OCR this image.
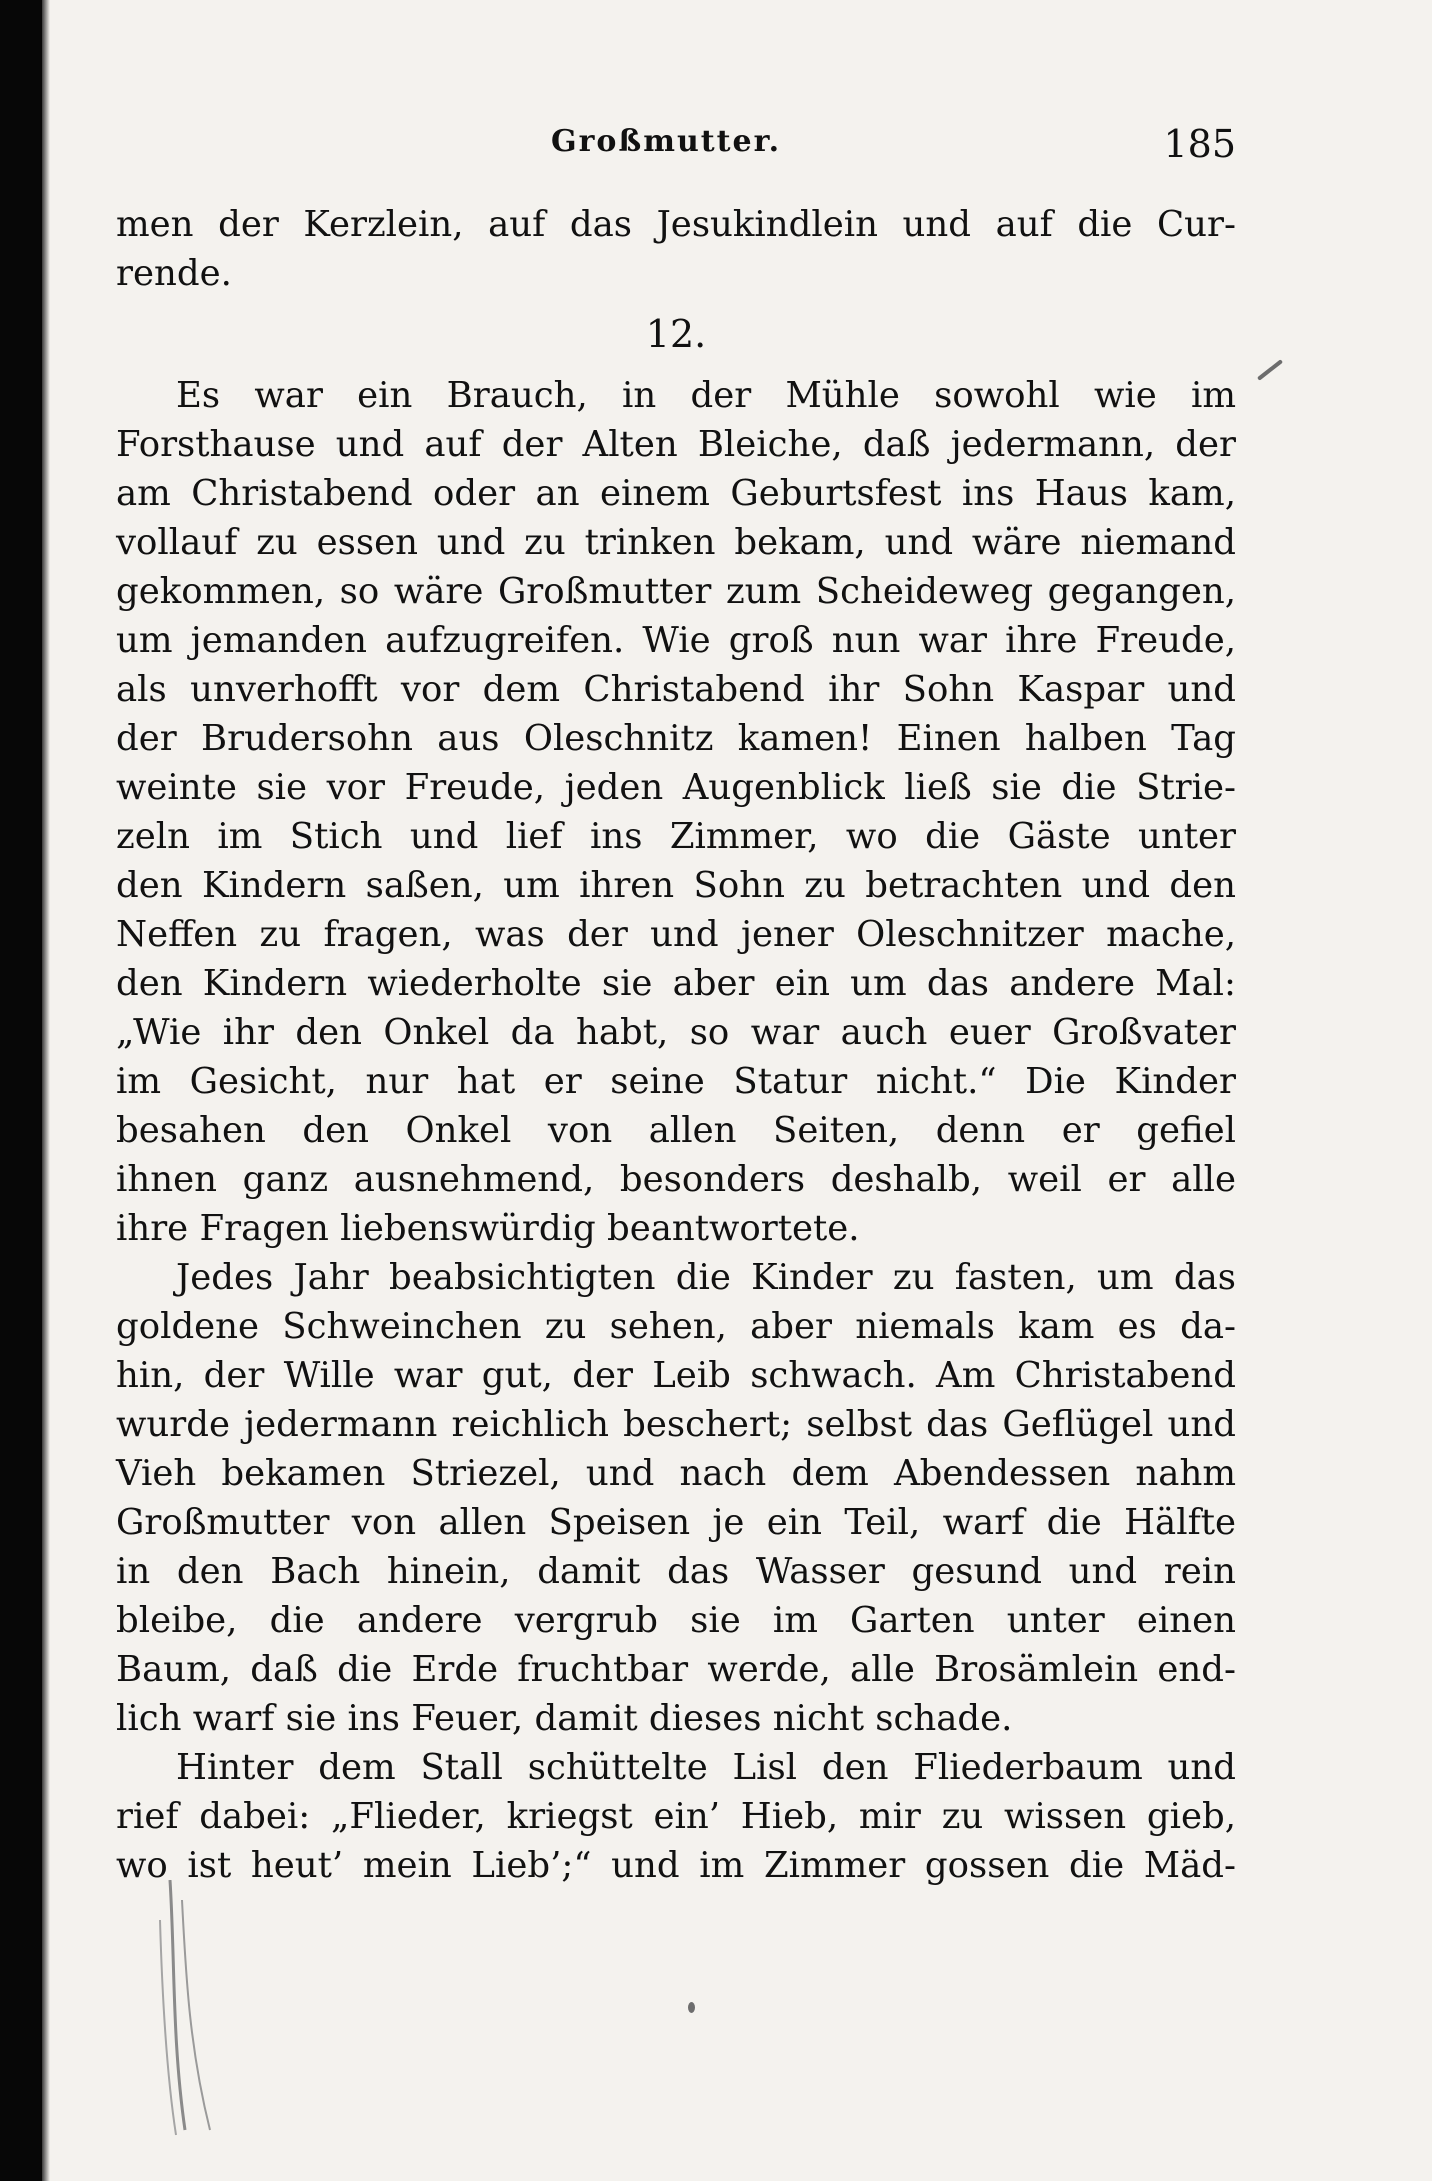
Großmutter.	185
men der Kerzlein, auf das Jesukindlein und auf die Cur-
rende.
12.
Es war ein Brauch, in der Mühle sowohl wie im
Forsthause und auf der Alten Bleiche, daß jedermann, der
am Christabend oder an einem Geburtsfest ins Haus kam,
vollauf zu essen und zu trinken bekam, und wäre niemand
gekommen, so wäre Großmutter zum Scheideweg gegangen,
um jemanden aufzugreifen. Wie groß nun war ihre Freude,
als unverhofft vor dem Christabend ihr Sohn Kaspar und
der Brudersohn aus Oleschnitz kamen! Einen halben Tag
weinte sie vor Freude, jeden Augenblick ließ sie die Strie-
zeln im Stich und lief ins Zimmer, wo die Gäste unter
den Kindern saßen, um ihren Sohn zu betrachten und den
Neffen zu fragen, was der und jener Oleschnitzer mache,
den Kindern wiederholte sie aber ein um das andere Mal:
„Wie ihr den Onkel da habt, so war auch euer Großvater
im Gesicht, nur hat er seine Statur nicht.“ Die Kinder
besahen den Onkel von allen Seiten, denn er gefiel
ihnen ganz ausnehmend, besonders deshalb, weil er alle
ihre Fragen liebenswürdig beantwortete.
Jedes Jahr beabsichtigten die Kinder zu fasten, um das
goldene Schweinchen zu sehen, aber niemals kam es da-
hin, der Wille war gut, der Leib schwach. Am Christabend
wurde jedermann reichlich beschert; selbst das Geflügel und
Vieh bekamen Striezel, und nach dem Abendessen nahm
Großmutter von allen Speisen je ein Teil, warf die Hälfte
in den Bach hinein, damit das Wasser gesund und rein
bleibe, die andere vergrub sie im Garten unter einen
Baum, daß die Erde fruchtbar werde, alle Brosämlein end-
lich warf sie ins Feuer, damit dieses nicht schade.
Hinter dem Stall schüttelte Lisl den Fliederbaum und
rief dabei: „Flieder, kriegst ein’ Hieb, mir zu wissen gieb,
wo ist heut’ mein Lieb’;“ und im Zimmer gossen die Mäd-
